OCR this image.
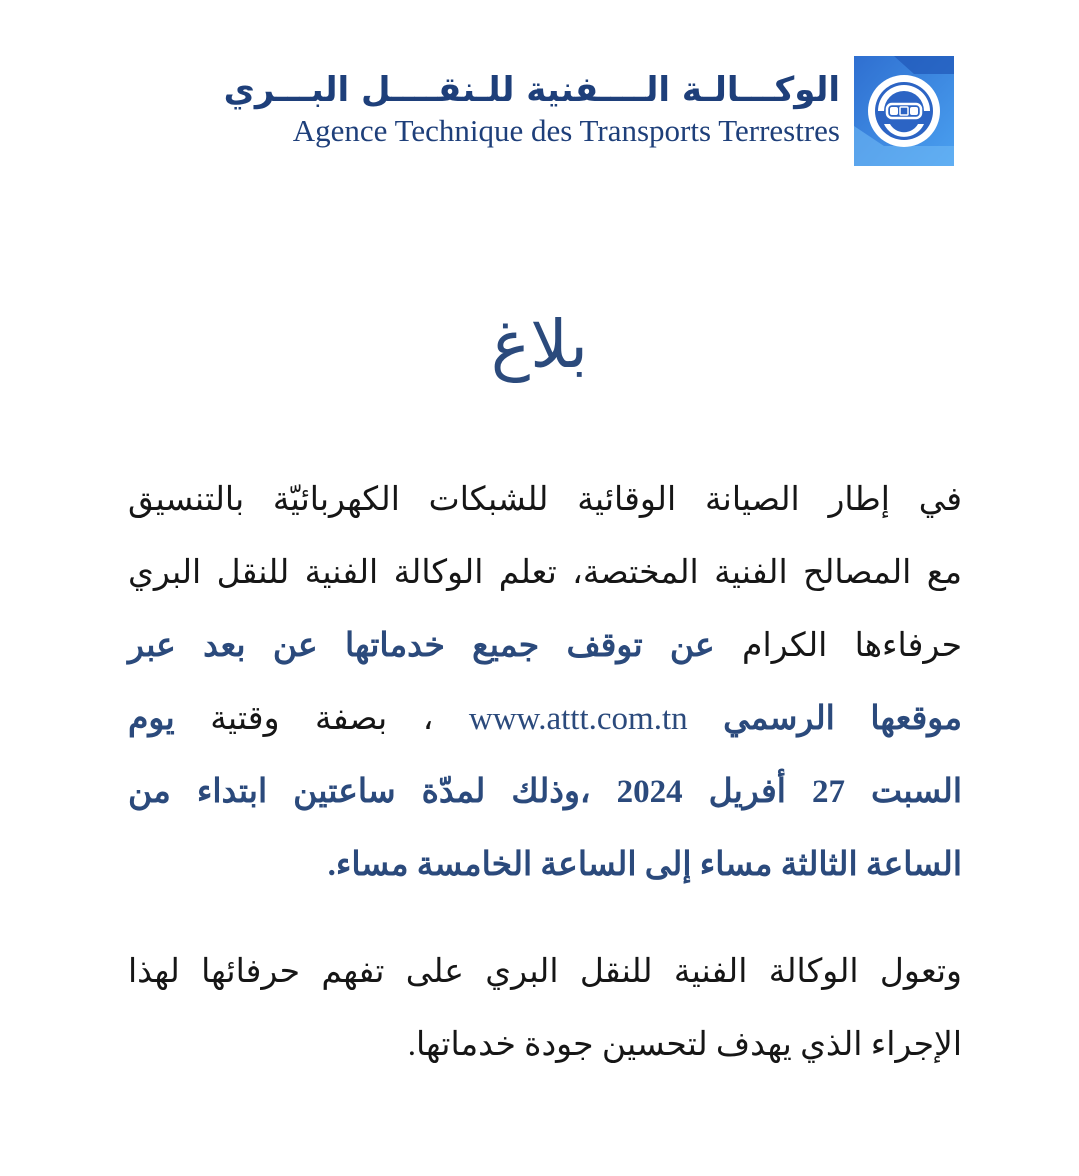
الوكـــالـة الــــفنية للـنقــــل البـــري
Agence Technique des Transports Terrestres
بلاغ
في إطار الصيانة الوقائية للشبكات الكهربائيّة بالتنسيق
مع المصالح الفنية المختصة، تعلم الوكالة الفنية للنقل البري
حرفاءها الكرام عن توقف جميع خدماتها عن بعد عبر
موقعها الرسمي www.attt.com.tn ، بصفة وقتية يوم
السبت 27 أفريل 2024 ،وذلك لمدّة ساعتين ابتداء من
الساعة الثالثة مساء إلى الساعة الخامسة مساء.
وتعول الوكالة الفنية للنقل البري على تفهم حرفائها لهذا
الإجراء الذي يهدف لتحسين جودة خدماتها.
